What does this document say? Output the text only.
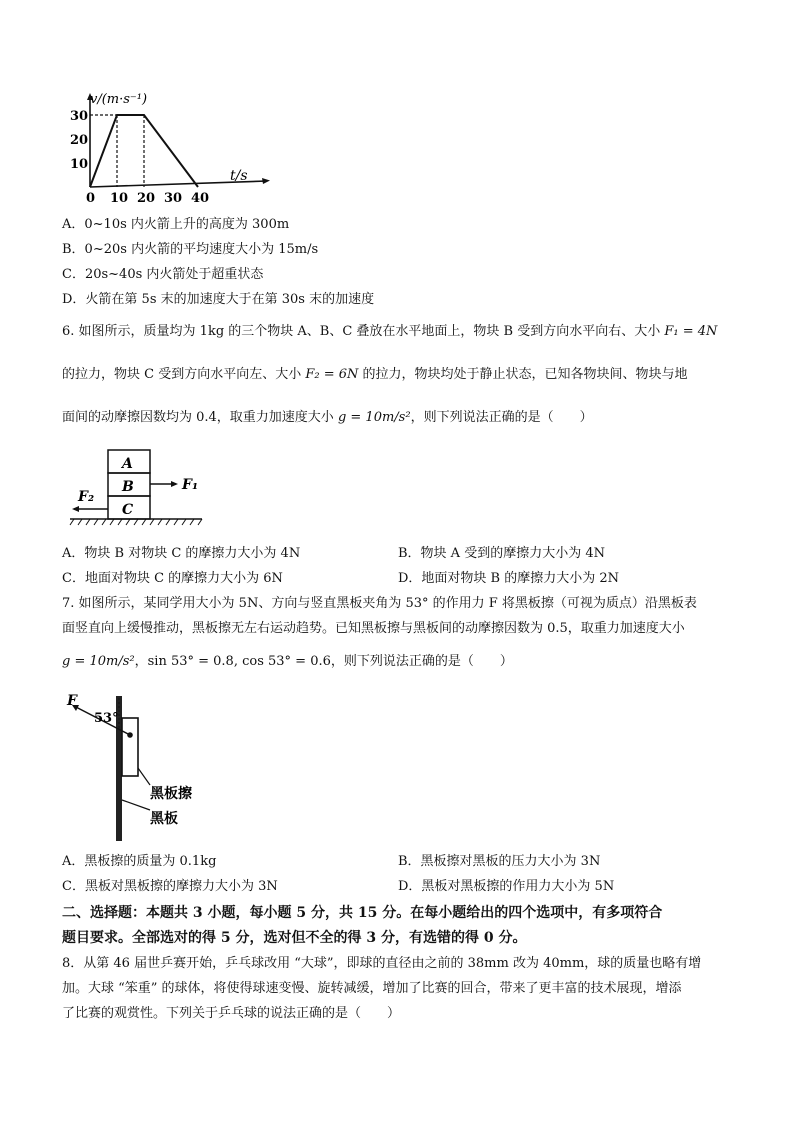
v/(m·s⁻¹)
t/s
0 10 20 30 40
10
20
30
A．0~10s 内火箭上升的高度为 300m
B．0~20s 内火箭的平均速度大小为 15m/s
C．20s~40s 内火箭处于超重状态
D．火箭在第 5s 末的加速度大于在第 30s 末的加速度
6. 如图所示，质量均为 1kg 的三个物块 A、B、C 叠放在水平地面上，物块 B 受到方向水平向右、大小 F₁ = 4N
的拉力，物块 C 受到方向水平向左、大小 F₂ = 6N 的拉力，物块均处于静止状态，已知各物块间、物块与地
面间的动摩擦因数均为 0.4，取重力加速度大小 g = 10m/s²，则下列说法正确的是（　　）
A
B
C
F₁
F₂
A．物块 B 对物块 C 的摩擦力大小为 4N	B．物块 A 受到的摩擦力大小为 4N
C．地面对物块 C 的摩擦力大小为 6N	D．地面对物块 B 的摩擦力大小为 2N
7. 如图所示，某同学用大小为 5N、方向与竖直黑板夹角为 53° 的作用力 F 将黑板擦（可视为质点）沿黑板表
面竖直向上缓慢推动，黑板擦无左右运动趋势。已知黑板擦与黑板间的动摩擦因数为 0.5，取重力加速度大小
g = 10m/s²，sin 53° = 0.8, cos 53° = 0.6，则下列说法正确的是（　　）
F
53°
黑板擦
黑板
A．黑板擦的质量为 0.1kg	B．黑板擦对黑板的压力大小为 3N
C．黑板对黑板擦的摩擦力大小为 3N	D．黑板对黑板擦的作用力大小为 5N
二、选择题：本题共 3 小题，每小题 5 分，共 15 分。在每小题给出的四个选项中，有多项符合
题目要求。全部选对的得 5 分，选对但不全的得 3 分，有选错的得 0 分。
8．从第 46 届世乒赛开始，乒乓球改用 “大球”，即球的直径由之前的 38mm 改为 40mm，球的质量也略有增
加。大球 “笨重” 的球体，将使得球速变慢、旋转减缓，增加了比赛的回合，带来了更丰富的技术展现，增添
了比赛的观赏性。下列关于乒乓球的说法正确的是（　　）
